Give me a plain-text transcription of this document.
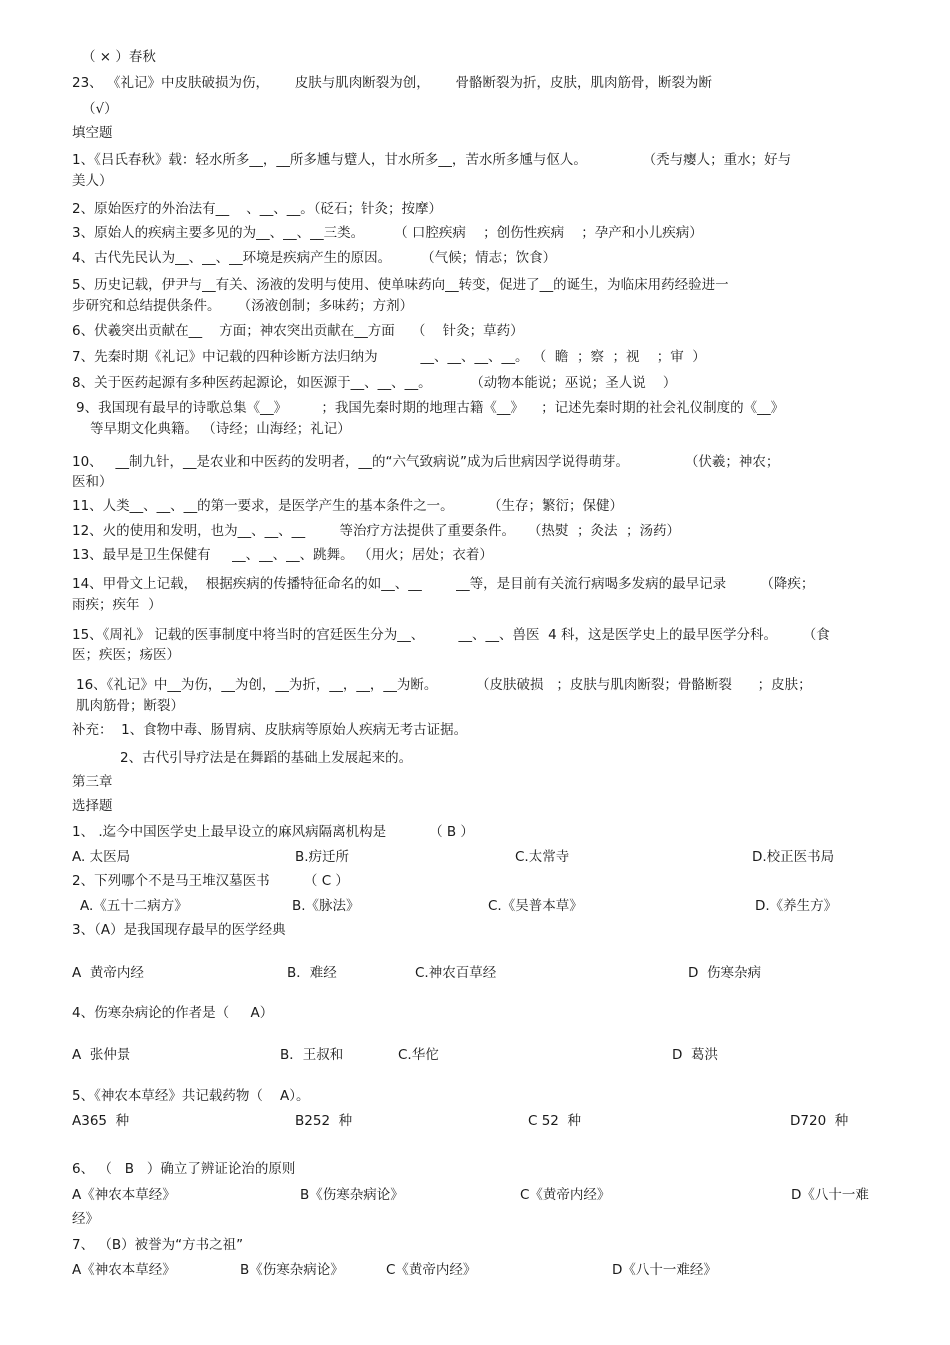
（ × ）春秋
23、 《礼记》中皮肤破损为伤，      皮肤与肌肉断裂为创，      骨骼断裂为折，皮肤，肌肉筋骨，断裂为断
（√）
填空题
1、《吕氏春秋》载：轻水所多__，__所多尰与躄人，甘水所多__，苦水所多尰与伛人。             （秃与瘿人；重水；好与
美人）
2、原始医疗的外治法有__    、__、__。（砭石；针灸；按摩）
3、原始人的疾病主要多见的为__、__、__三类。       （ 口腔疾病    ；创伤性疾病    ；孕产和小儿疾病）
4、古代先民认为__、__、__环境是疾病产生的原因。       （气候；情志；饮食）
5、历史记载，伊尹与__有关、汤液的发明与使用、使单味药向__转变，促进了__的诞生，为临床用药经验进一
步研究和总结提供条件。    （汤液创制；多味药；方剂）
6、伏羲突出贡献在__    方面；神农突出贡献在__方面    （    针灸；草药）
7、先秦时期《礼记》中记载的四种诊断方法归纳为          __、__、__、__。 （  瞻  ；察  ；视    ；审  ）
8、关于医药起源有多种医药起源论，如医源于__、__、__。         （动物本能说；巫说；圣人说    ）
9、我国现有最早的诗歌总集《__》        ；我国先秦时期的地理古籍《__》    ；记述先秦时期的社会礼仪制度的《__》
等早期文化典籍。 （诗经；山海经；礼记）
10、   __制九针，__是农业和中医药的发明者，__的“六气致病说”成为后世病因学说得萌芽。             （伏羲；神农；
医和）
11、人类__、__、__的第一要求，是医学产生的基本条件之一。        （生存；繁衍；保健）
12、火的使用和发明，也为__、__、__        等治疗方法提供了重要条件。   （热熨  ；灸法  ；汤药）
13、最早是卫生保健有     __、__、__、跳舞。 （用火；居处；衣着）
14、甲骨文上记载，  根据疾病的传播特征命名的如__、__        __等，是目前有关流行病喝多发病的最早记录        （降疾；
雨疾；疾年  ）
15、《周礼》 记载的医事制度中将当时的宫廷医生分为__、        __、__、兽医  4 科，这是医学史上的最早医学分科。      （食
医；疾医；疡医）
16、《礼记》中__为伤，__为创，__为折，__，__，__为断。         （皮肤破损   ；皮肤与肌肉断裂；骨骼断裂      ；皮肤；
肌肉筋骨；断裂）
补充：  1、食物中毒、肠胃病、皮肤病等原始人疾病无考古证据。
2、古代引导疗法是在舞蹈的基础上发展起来的。
第三章
选择题
1、 .迄今中国医学史上最早设立的麻风病隔离机构是          （ B ）
A. 太医局	B.疠迁所	C.太常寺	D.校正医书局
2、下列哪个不是马王堆汉墓医书        （ C ）
A.《五十二病方》	B.《脉法》	C.《吴普本草》	D.《养生方》
3、（A）是我国现存最早的医学经典
A  黄帝内经	B．难经	C.神农百草经	D  伤寒杂病
4、伤寒杂病论的作者是（     A）
A  张仲景	B．王叔和	C.华佗	D  葛洪
5、《神农本草经》共记载药物（    A）。
A365  种	B252  种	C 52  种	D720  种
6、 （   B   ）确立了辨证论治的原则
A《神农本草经》	B《伤寒杂病论》	C《黄帝内经》	D《八十一难
经》
7、 （B）被誉为“方书之祖”
A《神农本草经》	B《伤寒杂病论》	C《黄帝内经》	D《八十一难经》
